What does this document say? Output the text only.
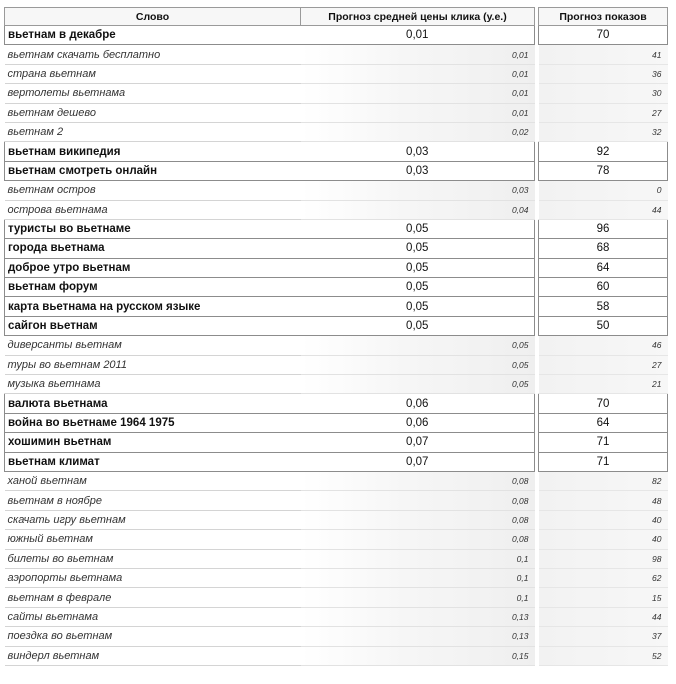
Слово	Прогноз средней цены клика (у.е.)		Прогноз показов
вьетнам в декабре	0,01		70
вьетнам скачать бесплатно	0,01		41
страна вьетнам	0,01		36
вертолеты вьетнама	0,01		30
вьетнам дешево	0,01		27
вьетнам 2	0,02		32
вьетнам википедия	0,03		92
вьетнам смотреть онлайн	0,03		78
вьетнам остров	0,03		0
острова вьетнама	0,04		44
туристы во вьетнаме	0,05		96
города вьетнама	0,05		68
доброе утро вьетнам	0,05		64
вьетнам форум	0,05		60
карта вьетнама на русском языке	0,05		58
сайгон вьетнам	0,05		50
диверсанты вьетнам	0,05		46
туры во вьетнам 2011	0,05		27
музыка вьетнама	0,05		21
валюта вьетнама	0,06		70
война во вьетнаме 1964 1975	0,06		64
хошимин вьетнам	0,07		71
вьетнам климат	0,07		71
ханой вьетнам	0,08		82
вьетнам в ноябре	0,08		48
скачать игру вьетнам	0,08		40
южный вьетнам	0,08		40
билеты во вьетнам	0,1		98
аэропорты вьетнама	0,1		62
вьетнам в феврале	0,1		15
сайты вьетнама	0,13		44
поездка во вьетнам	0,13		37
виндерл вьетнам	0,15		52
